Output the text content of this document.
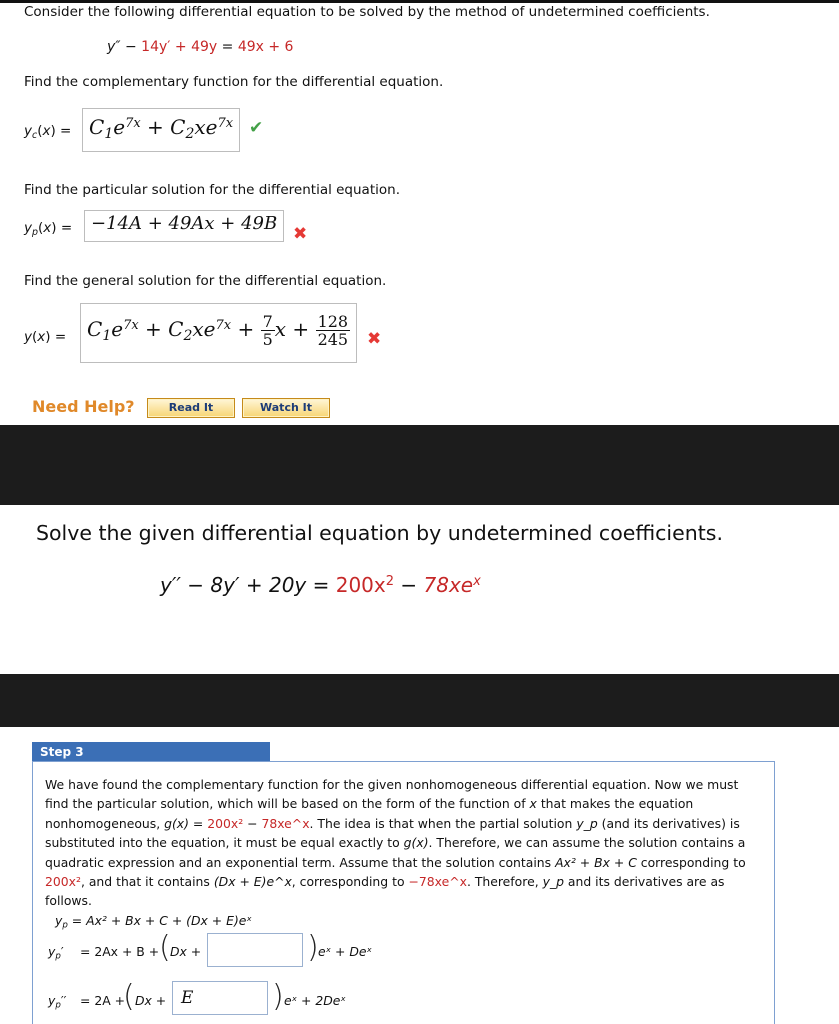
Consider the following differential equation to be solved by the method of undetermined coefficients.
y″ − 14y′ + 49y = 49x + 6
Find the complementary function for the differential equation.
$y_c(x) = C_1e^{7x} + C_2xe^{7x}$ ✔
Find the particular solution for the differential equation.
$y_p(x)$ =	−14A + 49Ax + 49B ✖
Find the general solution for the differential equation.
y(x) =	$C_1e^{7x} + C_2xe^{7x} + \frac{7}{5}$ $x + \frac{128}{245}$ ✖
Need Help?	Read It	Watch It
Solve the given differential equation by undetermined coefficients.
$y'' - 8y' + 20y = 200x^2 - 78xe^x$
Step 3
We have found the complementary function for the given nonhomogeneous differential equation. Now we must find the particular solution, which will be based on the form of the function of x that makes the equation nonhomogeneous, g(x) = 200x² − 78xe^x. The idea is that when the partial solution y_p (and its derivatives) is substituted into the equation, it must be equal exactly to g(x). Therefore, we can assume the solution contains a quadratic expression and an exponential term. Assume that the solution contains Ax² + Bx + C corresponding to 200x², and that it contains (Dx + E)e^x, corresponding to −78xe^x. Therefore, y_p and its derivatives are as follows.
$y_p = Ax^2 + Bx + C + (Dx$ + E)eˣ
$y_p' = 2Ax + B$ + ( Dx +	) eˣ + Deˣ
$y_p'' = 2A$ +
( Dx + E	) eˣ + 2Deˣ
